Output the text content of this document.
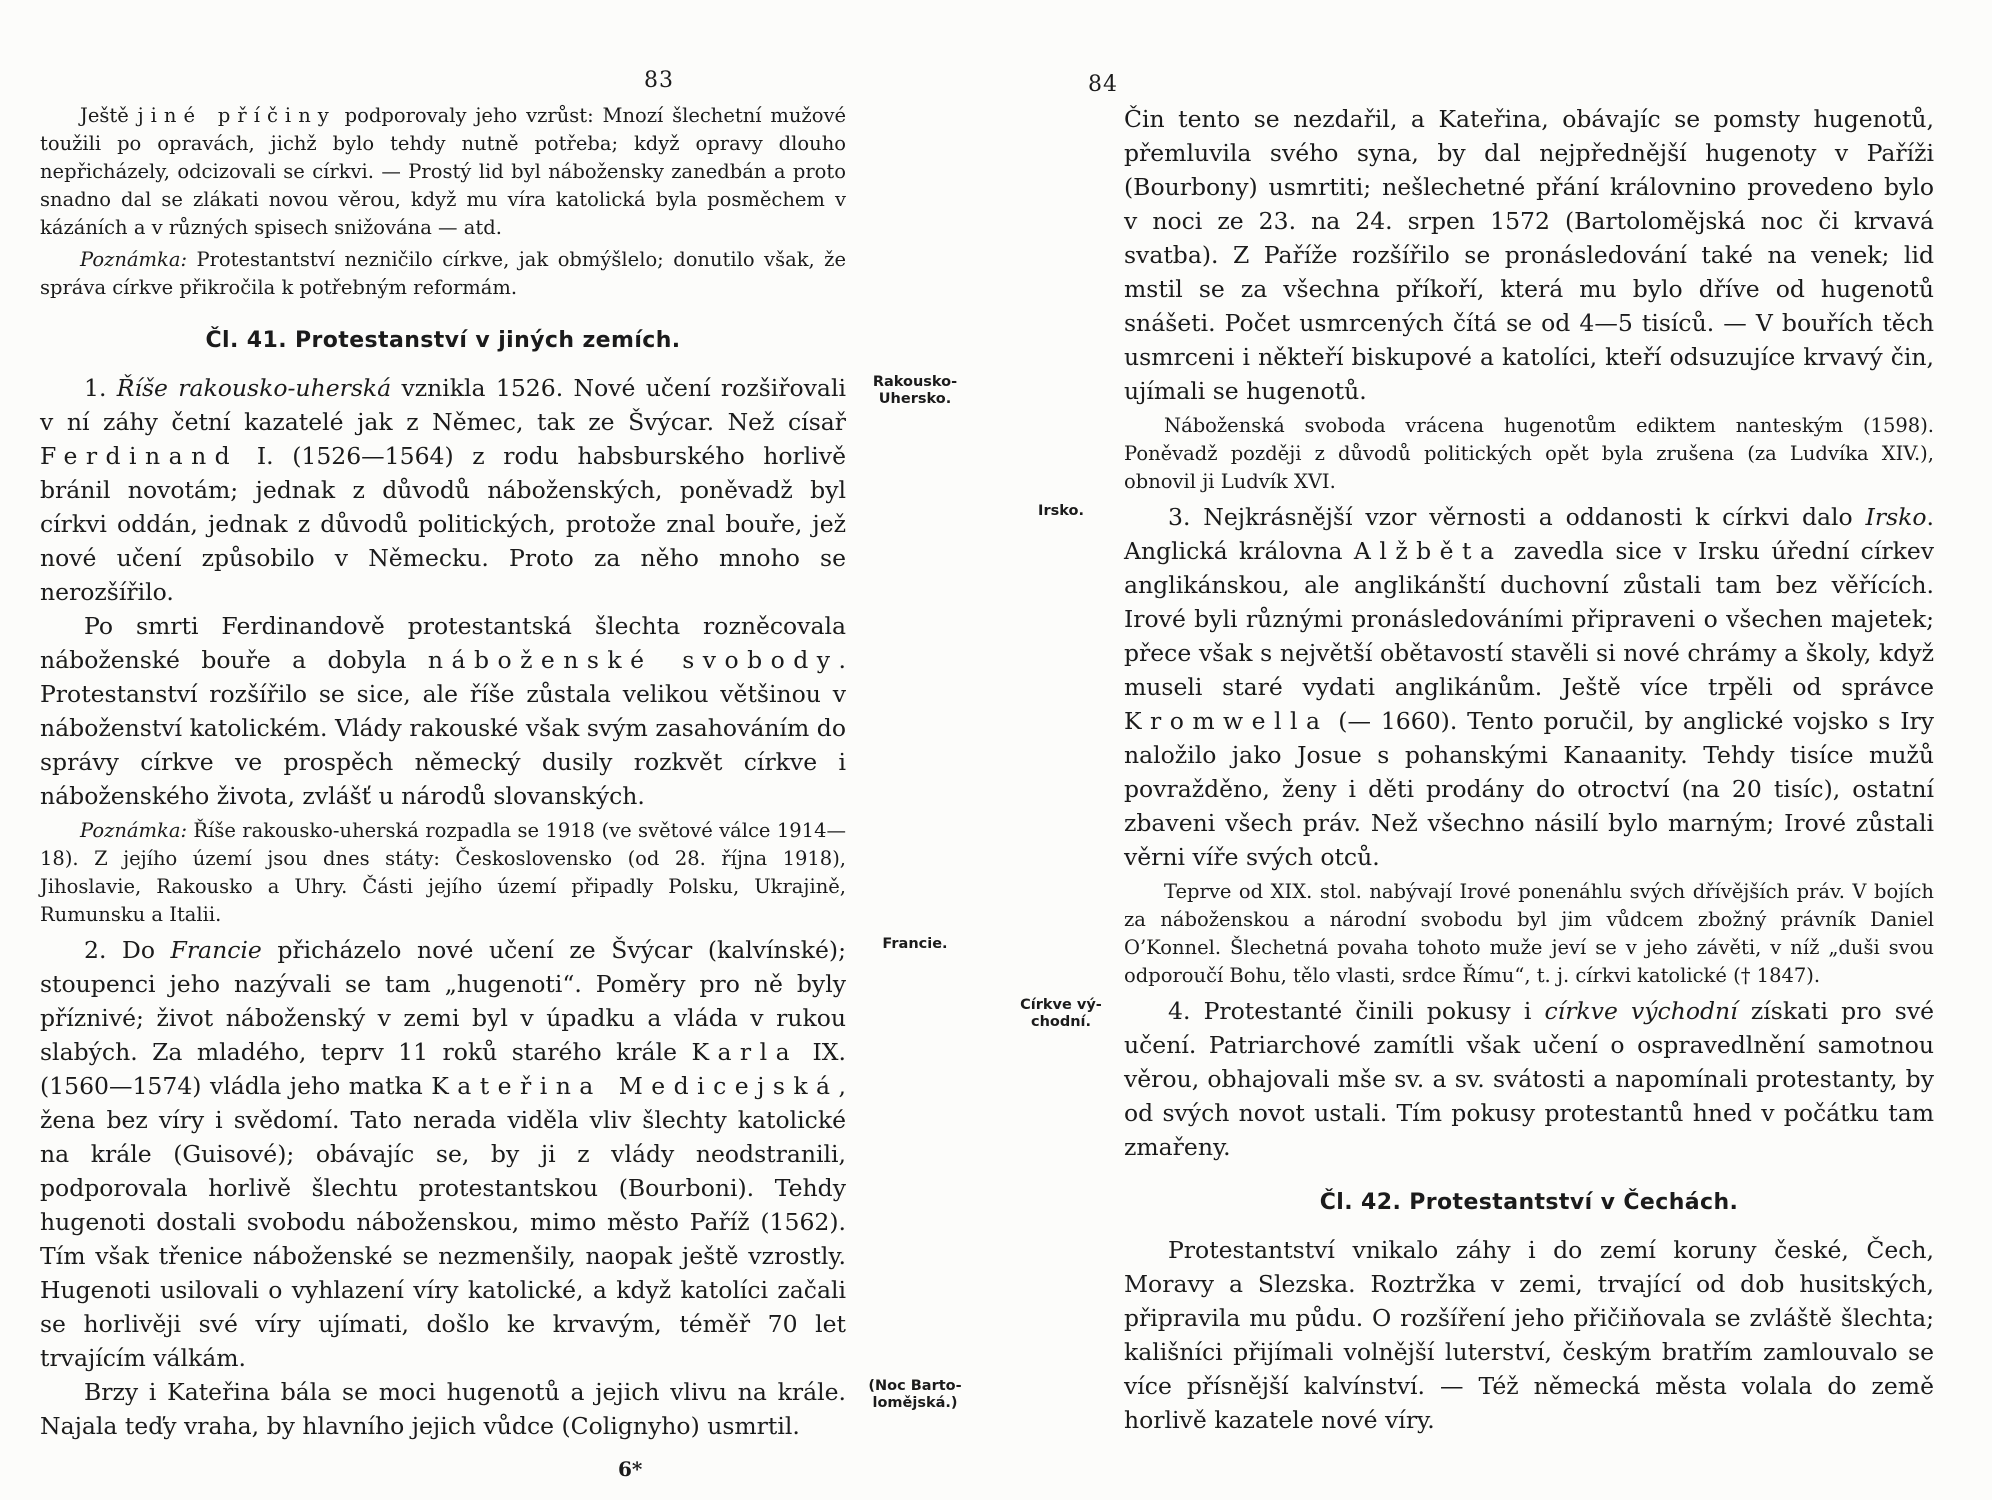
83

Ještě jiné příčiny podporovaly jeho vzrůst: Mnozí šlechetní mužové toužili po opravách, jichž bylo tehdy nutně potřeba; když opravy dlouho nepřicházely, odcizovali se církvi. — Prostý lid byl nábožensky zanedbán a proto snadno dal se zlákati novou věrou, když mu víra katolická byla posměchem v kázáních a v různých spisech snižována — atd.

Poznámka: Protestantství nezničilo církve, jak obmýšlelo; donutilo však, že správa církve přikročila k potřebným reformám.

Čl. 41. Protestanství v jiných zemích.

1. Říše rakousko-uherská vznikla 1526. Nové učení rozšiřovali v ní záhy četní kazatelé jak z Němec, tak ze Švýcar. Než císař Ferdinand I. (1526—1564) z rodu habsburského horlivě bránil novotám; jednak z důvodů náboženských, poněvadž byl církvi oddán, jednak z důvodů politických, protože znal bouře, jež nové učení způsobilo v Německu. Proto za něho mnoho se nerozšířilo.
Rakousko-
Uhersko.

Po smrti Ferdinandově protestantská šlechta rozněcovala náboženské bouře a dobyla náboženské svobody. Protestanství rozšířilo se sice, ale říše zůstala velikou většinou v náboženství katolickém. Vlády rakouské však svým zasahováním do správy církve ve prospěch německý dusily rozkvět církve i náboženského života, zvlášť u národů slovanských.

Poznámka: Říše rakousko-uherská rozpadla se 1918 (ve světové válce 1914—18). Z jejího území jsou dnes státy: Československo (od 28. října 1918), Jihoslavie, Rakousko a Uhry. Části jejího území připadly Polsku, Ukrajině, Rumunsku a Italii.

2. Do Francie přicházelo nové učení ze Švýcar (kalvínské); stoupenci jeho nazývali se tam „hugenoti“. Poměry pro ně byly příznivé; život náboženský v zemi byl v úpadku a vláda v rukou slabých. Za mladého, teprv 11 roků starého krále Karla IX. (1560—1574) vládla jeho matka Kateřina Medicejská, žena bez víry i svědomí. Tato nerada viděla vliv šlechty katolické na krále (Guisové); obávajíc se, by ji z vlády neodstranili, podporovala horlivě šlechtu protestantskou (Bourboni). Tehdy hugenoti dostali svobodu náboženskou, mimo město Paříž (1562). Tím však třenice náboženské se nezmenšily, naopak ještě vzrostly. Hugenoti usilovali o vyhlazení víry katolické, a když katolíci začali se horlivěji své víry ujímati, došlo ke krvavým, téměř 70 let trvajícím válkám.
Francie.

Brzy i Kateřina bála se moci hugenotů a jejich vlivu na krále. Najala teďy vraha, by hlavního jejich vůdce (Colignyho) usmrtil.
(Noc Barto-
lomějská.)

6*
84

Čin tento se nezdařil, a Kateřina, obávajíc se pomsty hugenotů, přemluvila svého syna, by dal nejpřednější hugenoty v Paříži (Bourbony) usmrtiti; nešlechetné přání královnino provedeno bylo v noci ze 23. na 24. srpen 1572 (Bartolomějská noc či krvavá svatba). Z Paříže rozšířilo se pronásledování také na venek; lid mstil se za všechna příkoří, která mu bylo dříve od hugenotů snášeti. Počet usmrcených čítá se od 4—5 tisíců. — V bouřích těch usmrceni i někteří biskupové a katolíci, kteří odsuzujíce krvavý čin, ujímali se hugenotů.

Náboženská svoboda vrácena hugenotům ediktem nanteským (1598). Poněvadž později z důvodů politických opět byla zrušena (za Ludvíka XIV.), obnovil ji Ludvík XVI.

3. Nejkrásnější vzor věrnosti a oddanosti k církvi dalo Irsko. Anglická královna Alžběta zavedla sice v Irsku úřední církev anglikánskou, ale anglikánští duchovní zůstali tam bez věřících. Irové byli různými pronásledováními připraveni o všechen majetek; přece však s největší obětavostí stavěli si nové chrámy a školy, když museli staré vydati anglikánům. Ještě více trpěli od správce Kromwella (— 1660). Tento poručil, by anglické vojsko s Iry naložilo jako Josue s pohanskými Kanaanity. Tehdy tisíce mužů povražděno, ženy i děti prodány do otroctví (na 20 tisíc), ostatní zbaveni všech práv. Než všechno násilí bylo marným; Irové zůstali věrni víře svých otců.
Irsko.

Teprve od XIX. stol. nabývají Irové ponenáhlu svých dřívějších práv. V bojích za náboženskou a národní svobodu byl jim vůdcem zbožný právník Daniel O’Konnel. Šlechetná povaha tohoto muže jeví se v jeho závěti, v níž „duši svou odporoučí Bohu, tělo vlasti, srdce Římu“, t. j. církvi katolické († 1847).

4. Protestanté činili pokusy i církve východní získati pro své učení. Patriarchové zamítli však učení o ospravedlnění samotnou věrou, obhajovali mše sv. a sv. svátosti a napomínali protestanty, by od svých novot ustali. Tím pokusy protestantů hned v počátku tam zmařeny.
Církve vý-
chodní.

Čl. 42. Protestantství v Čechách.

Protestantství vnikalo záhy i do zemí koruny české, Čech, Moravy a Slezska. Roztržka v zemi, trvající od dob husitských, připravila mu půdu. O rozšíření jeho přičiňovala se zvláště šlechta; kališníci přijímali volnější luterství, českým bratřím zamlouvalo se více přísnější kalvínství. — Též německá města volala do země horlivě kazatele nové víry.
